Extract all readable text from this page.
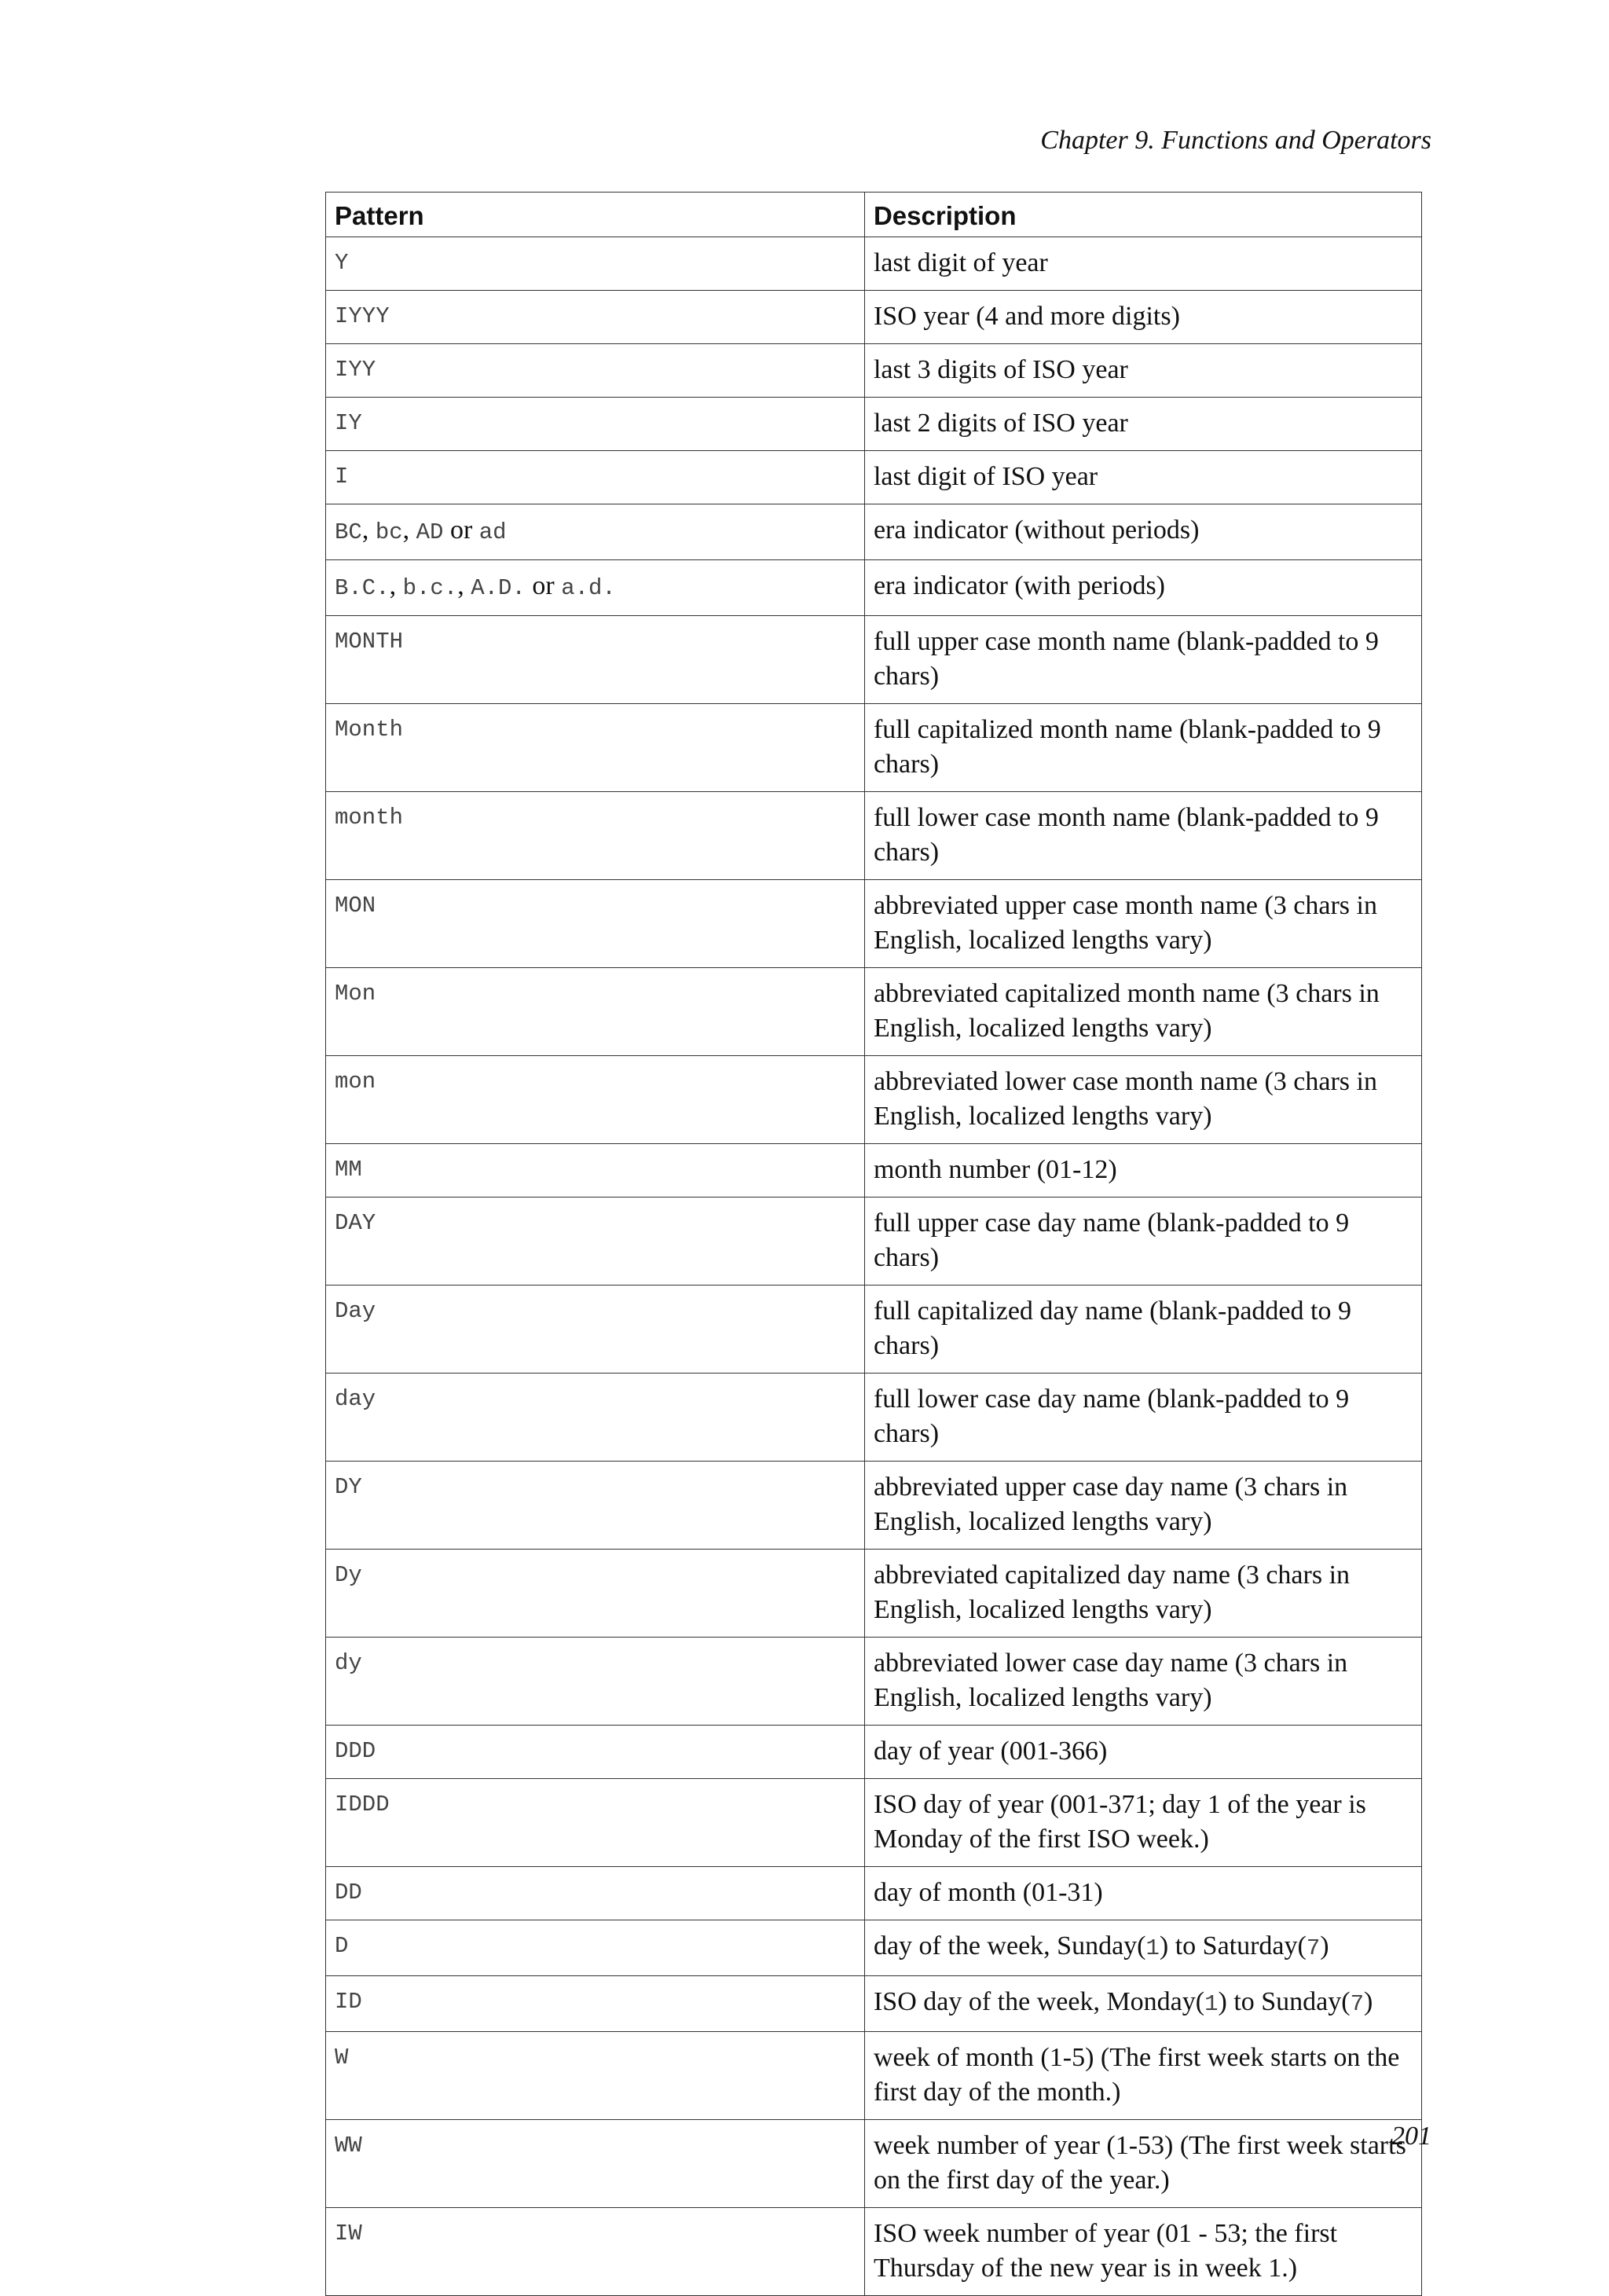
Chapter 9. Functions and Operators
Pattern	Description
Y	last digit of year
IYYY	ISO year (4 and more digits)
IYY	last 3 digits of ISO year
IY	last 2 digits of ISO year
I	last digit of ISO year
BC, bc, AD or ad	era indicator (without periods)
B.C., b.c., A.D. or a.d.	era indicator (with periods)
MONTH	full upper case month name (blank-padded to 9 chars)
Month	full capitalized month name (blank-padded to 9 chars)
month	full lower case month name (blank-padded to 9 chars)
MON	abbreviated upper case month name (3 chars in English, localized lengths vary)
Mon	abbreviated capitalized month name (3 chars in English, localized lengths vary)
mon	abbreviated lower case month name (3 chars in English, localized lengths vary)
MM	month number (01-12)
DAY	full upper case day name (blank-padded to 9 chars)
Day	full capitalized day name (blank-padded to 9 chars)
day	full lower case day name (blank-padded to 9 chars)
DY	abbreviated upper case day name (3 chars in English, localized lengths vary)
Dy	abbreviated capitalized day name (3 chars in English, localized lengths vary)
dy	abbreviated lower case day name (3 chars in English, localized lengths vary)
DDD	day of year (001-366)
IDDD	ISO day of year (001-371; day 1 of the year is Monday of the first ISO week.)
DD	day of month (01-31)
D	day of the week, Sunday(1) to Saturday(7)
ID	ISO day of the week, Monday(1) to Sunday(7)
W	week of month (1-5) (The first week starts on the first day of the month.)
WW	week number of year (1-53) (The first week starts on the first day of the year.)
IW	ISO week number of year (01 - 53; the first Thursday of the new year is in week 1.)
201
